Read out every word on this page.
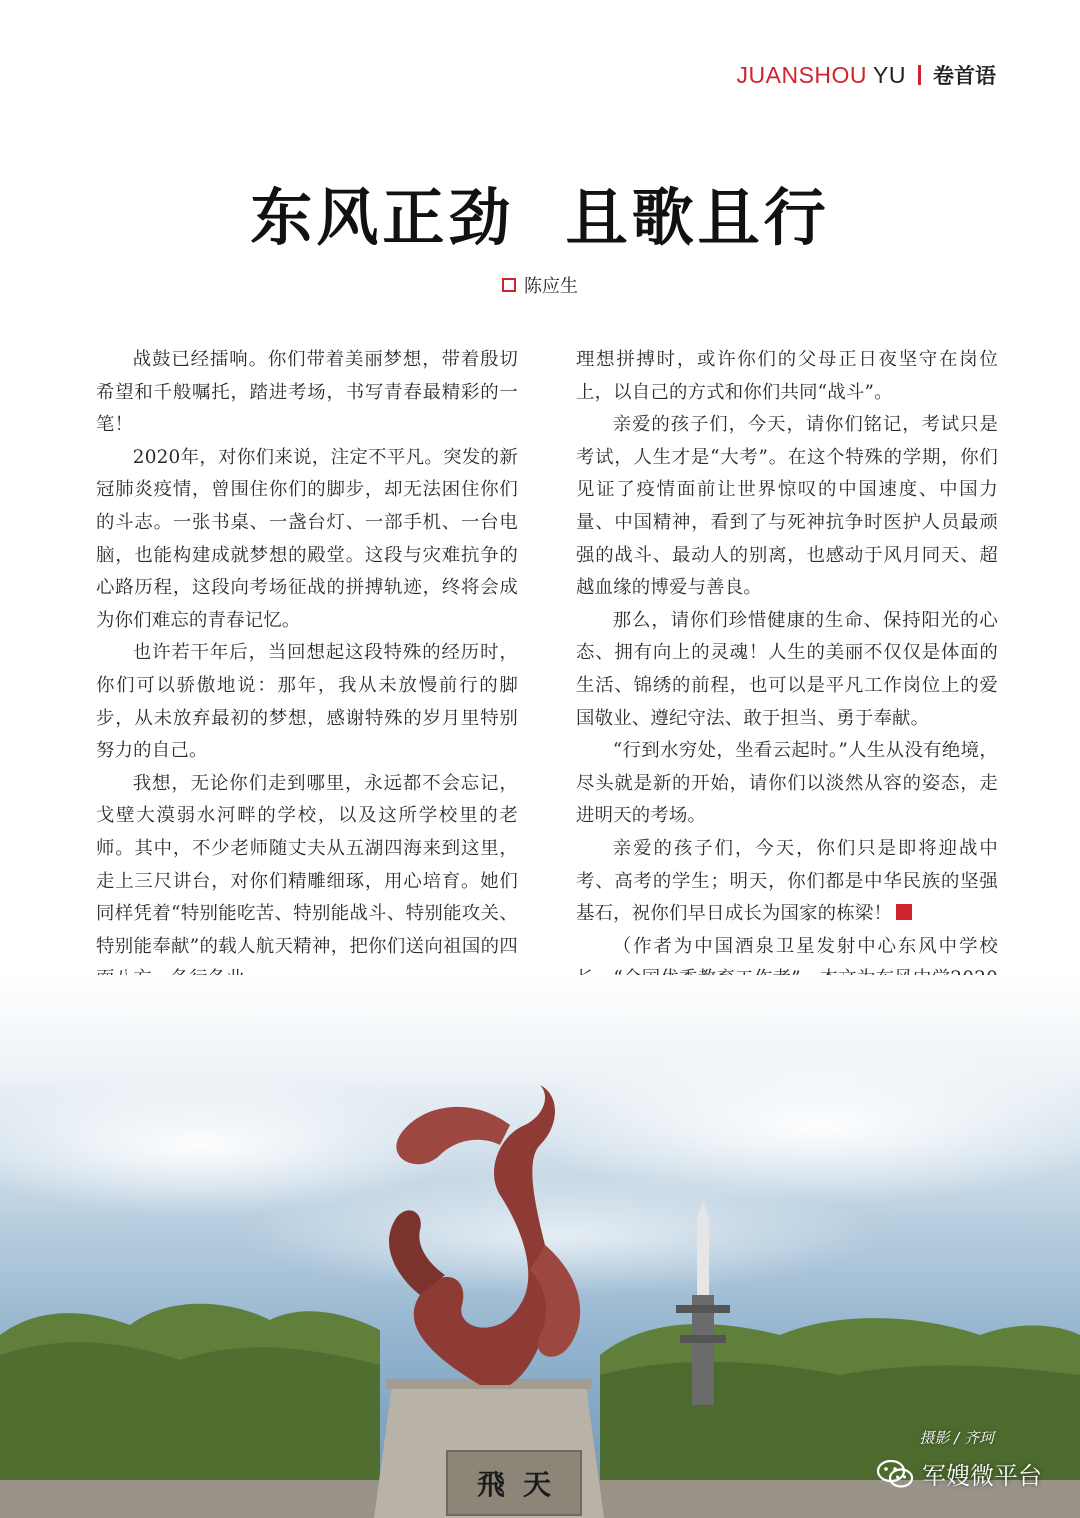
JUANSHOU YU 卷首语
东风正劲  且歌且行
陈应生

战鼓已经擂响。你们带着美丽梦想，带着殷切希望和千般嘱托，踏进考场，书写青春最精彩的一笔！

2020年，对你们来说，注定不平凡。突发的新冠肺炎疫情，曾围住你们的脚步，却无法困住你们的斗志。一张书桌、一盏台灯、一部手机、一台电脑，也能构建成就梦想的殿堂。这段与灾难抗争的心路历程，这段向考场征战的拼搏轨迹，终将会成为你们难忘的青春记忆。

也许若干年后，当回想起这段特殊的经历时，你们可以骄傲地说：那年，我从未放慢前行的脚步，从未放弃最初的梦想，感谢特殊的岁月里特别努力的自己。

我想，无论你们走到哪里，永远都不会忘记，戈壁大漠弱水河畔的学校，以及这所学校里的老师。其中，不少老师随丈夫从五湖四海来到这里，走上三尺讲台，对你们精雕细琢，用心培育。她们同样凭着“特别能吃苦、特别能战斗、特别能攻关、特别能奉献”的载人航天精神，把你们送向祖国的四

理想拼搏时，或许你们的父母正日夜坚守在岗位上，以自己的方式和你们共同“战斗”。

亲爱的孩子们，今天，请你们铭记，考试只是考试，人生才是“大考”。在这个特殊的学期，你们见证了疫情面前让世界惊叹的中国速度、中国力量、中国精神，看到了与死神抗争时医护人员最顽强的战斗、最动人的别离，也感动于风月同天、超越血缘的博爱与善良。

那么，请你们珍惜健康的生命、保持阳光的心态、拥有向上的灵魂！人生的美丽不仅仅是体面的生活、锦绣的前程，也可以是平凡工作岗位上的爱国敬业、遵纪守法、敢于担当、勇于奉献。

“行到水穷处，坐看云起时。”人生从没有绝境，尽头就是新的开始，请你们以淡然从容的姿态，走进明天的考场。

亲爱的孩子们，今天，你们只是即将迎战中考、高考的学生；明天，你们都是中华民族的坚强基石，祝你们早日成长为国家的栋梁！

（作者为中国酒泉卫星发射中心东风中学校

飛 天
摄影 / 齐珂
军嫂微平台
